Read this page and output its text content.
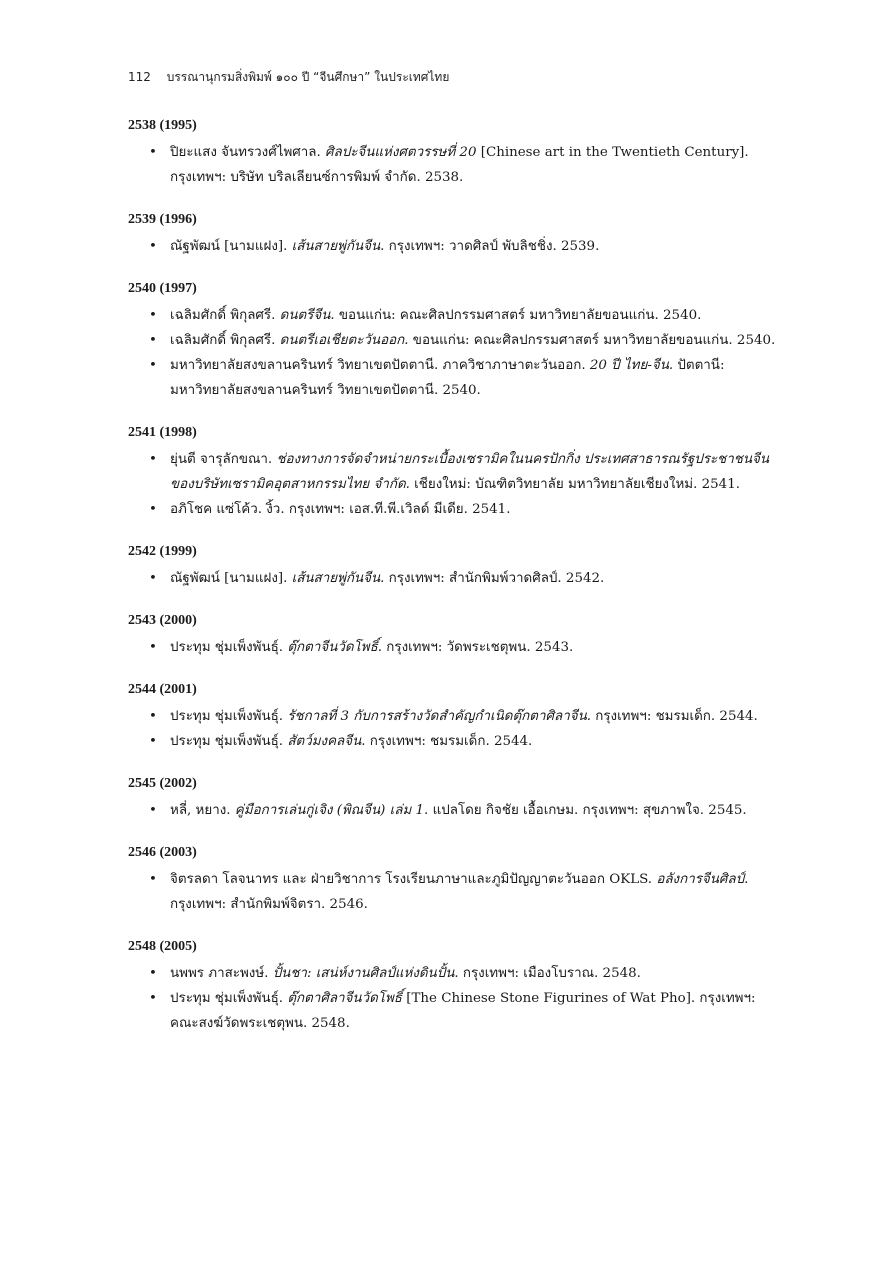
112 บรรณานุกรมสิ่งพิมพ์ ๑๐๐ ปี “จีนศึกษา” ในประเทศไทย
2538 (1995)

• ปิยะแสง จันทรวงศ์ไพศาล. ศิลปะจีนแห่งศตวรรษที่ 20 [Chinese art in the Twentieth Century]. กรุงเทพฯ: บริษัท บริลเลียนซ์การพิมพ์ จำกัด. 2538.

2539 (1996)

• ณัฐพัฒน์ [นามแฝง]. เส้นสายพู่กันจีน. กรุงเทพฯ: วาดศิลป์ พับลิชชิ่ง. 2539.

2540 (1997)

• เฉลิมศักดิ์ พิกุลศรี. ดนตรีจีน. ขอนแก่น: คณะศิลปกรรมศาสตร์ มหาวิทยาลัยขอนแก่น. 2540.

• เฉลิมศักดิ์ พิกุลศรี. ดนตรีเอเชียตะวันออก. ขอนแก่น: คณะศิลปกรรมศาสตร์ มหาวิทยาลัยขอนแก่น. 2540.

• มหาวิทยาลัยสงขลานครินทร์ วิทยาเขตปัตตานี. ภาควิชาภาษาตะวันออก. 20 ปี ไทย-จีน. ปัตตานี: มหาวิทยาลัยสงขลานครินทร์ วิทยาเขตปัตตานี. 2540.

2541 (1998)

• ยุ่นตี จารุลักขณา. ช่องทางการจัดจำหน่ายกระเบื้องเซรามิคในนครปักกิ่ง ประเทศสาธารณรัฐประชาชนจีนของบริษัทเซรามิคอุตสาหกรรมไทย จำกัด. เชียงใหม่: บัณฑิตวิทยาลัย มหาวิทยาลัยเชียงใหม่. 2541.

• อภิโชค แซ่โค้ว. งิ้ว. กรุงเทพฯ: เอส.ที.พี.เวิลด์ มีเดีย. 2541.

2542 (1999)

• ณัฐพัฒน์ [นามแฝง]. เส้นสายพู่กันจีน. กรุงเทพฯ: สำนักพิมพ์วาดศิลป์. 2542.

2543 (2000)

• ประทุม ชุ่มเพ็งพันธุ์. ตุ๊กตาจีนวัดโพธิ์. กรุงเทพฯ: วัดพระเชตุพน. 2543.

2544 (2001)

• ประทุม ชุ่มเพ็งพันธุ์. รัชกาลที่ 3 กับการสร้างวัดสำคัญกำเนิดตุ๊กตาศิลาจีน. กรุงเทพฯ: ชมรมเด็ก. 2544.

• ประทุม ชุ่มเพ็งพันธุ์. สัตว์มงคลจีน. กรุงเทพฯ: ชมรมเด็ก. 2544.

2545 (2002)

• หลี่, หยาง. คู่มือการเล่นกู่เจิง (พิณจีน) เล่ม 1. แปลโดย กิจชัย เอื้อเกษม. กรุงเทพฯ: สุขภาพใจ. 2545.

2546 (2003)

• จิตรลดา โลจนาทร และ ฝ่ายวิชาการ โรงเรียนภาษาและภูมิปัญญาตะวันออก OKLS. อลังการจีนศิลป์. กรุงเทพฯ: สำนักพิมพ์จิตรา. 2546.

2548 (2005)

• นพพร ภาสะพงษ์. ปั้นชา: เสน่ห์งานศิลป์แห่งดินปั้น. กรุงเทพฯ: เมืองโบราณ. 2548.

• ประทุม ชุ่มเพ็งพันธุ์. ตุ๊กตาศิลาจีนวัดโพธิ์ [The Chinese Stone Figurines of Wat Pho]. กรุงเทพฯ: คณะสงฆ์วัดพระเชตุพน. 2548.
